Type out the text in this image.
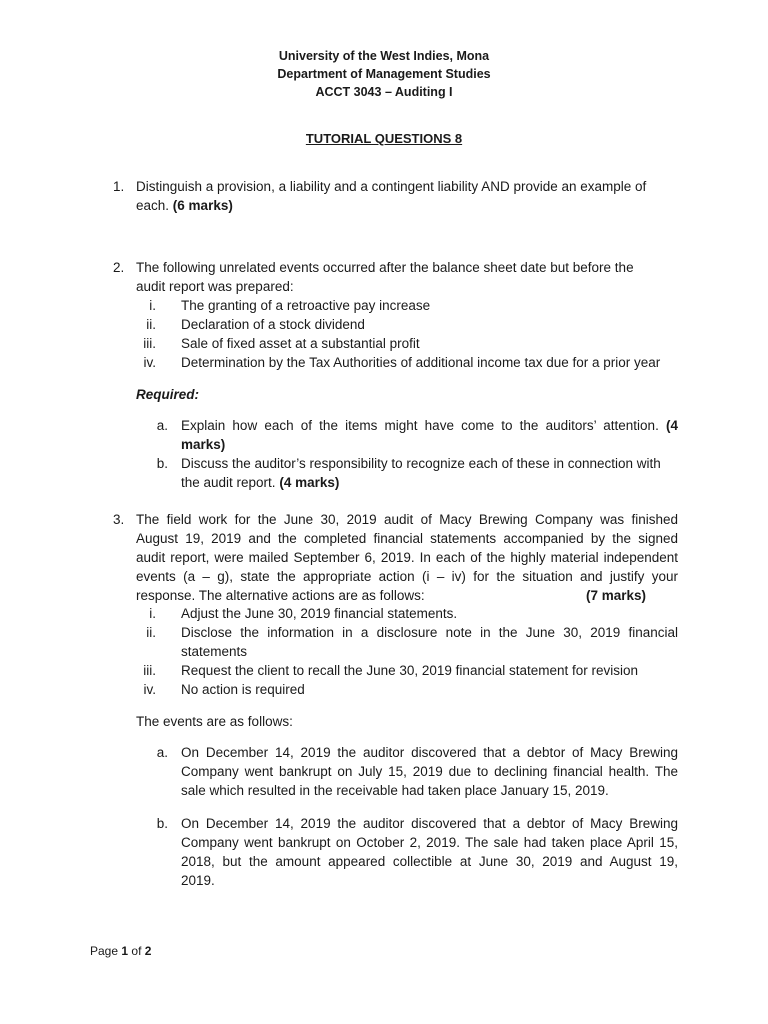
University of the West Indies, Mona
Department of Management Studies
ACCT 3043 – Auditing I
TUTORIAL QUESTIONS 8
1. Distinguish a provision, a liability and a contingent liability AND provide an example of
each. (6 marks)
2. The following unrelated events occurred after the balance sheet date but before the
audit report was prepared:
i. The granting of a retroactive pay increase
ii. Declaration of a stock dividend
iii. Sale of fixed asset at a substantial profit
iv. Determination by the Tax Authorities of additional income tax due for a prior year
Required:
a. Explain how each of the items might have come to the auditors’ attention. (4
marks)
b. Discuss the auditor’s responsibility to recognize each of these in connection with
the audit report. (4 marks)
3. The field work for the June 30, 2019 audit of Macy Brewing Company was finished
August 19, 2019 and the completed financial statements accompanied by the signed
audit report, were mailed September 6, 2019. In each of the highly material independent
events (a – g), state the appropriate action (i – iv) for the situation and justify your
response. The alternative actions are as follows:	(7 marks)
i. Adjust the June 30, 2019 financial statements.
ii. Disclose the information in a disclosure note in the June 30, 2019 financial
statements
iii. Request the client to recall the June 30, 2019 financial statement for revision
iv. No action is required
The events are as follows:
a. On December 14, 2019 the auditor discovered that a debtor of Macy Brewing
Company went bankrupt on July 15, 2019 due to declining financial health. The
sale which resulted in the receivable had taken place January 15, 2019.
b. On December 14, 2019 the auditor discovered that a debtor of Macy Brewing
Company went bankrupt on October 2, 2019. The sale had taken place April 15,
2018, but the amount appeared collectible at June 30, 2019 and August 19,
2019.
Page 1 of 2
